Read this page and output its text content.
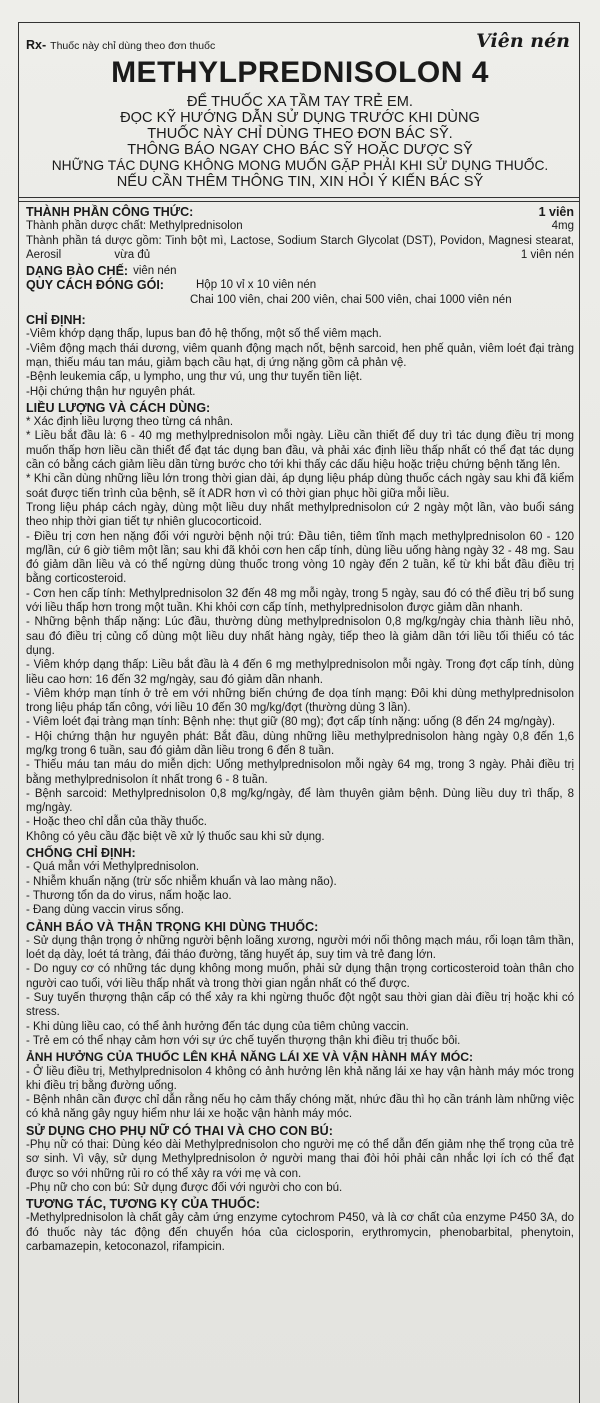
Rx- Thuốc này chỉ dùng theo đơn thuốc	Viên nén
METHYLPREDNISOLON 4
ĐỂ THUỐC XA TẦM TAY TRẺ EM.
ĐỌC KỸ HƯỚNG DẪN SỬ DỤNG TRƯỚC KHI DÙNG
THUỐC NÀY CHỈ DÙNG THEO ĐƠN BÁC SỸ.
THÔNG BÁO NGAY CHO BÁC SỸ HOẶC DƯỢC SỸ
NHỮNG TÁC DỤNG KHÔNG MONG MUỐN GẶP PHẢI KHI SỬ DỤNG THUỐC.
NẾU CẦN THÊM THÔNG TIN, XIN HỎI Ý KIẾN BÁC SỸ
THÀNH PHẦN CÔNG THỨC:	1 viên
Thành phần dược chất: Methylprednisolon	4mg
Thành phần tá dược gồm: Tinh bột mì, Lactose, Sodium Starch Glycolat (DST), Povidon, Magnesi stearat, Aerosil	vừa đủ	1 viên nén
DẠNG BÀO CHẾ: viên nén
QUY CÁCH ĐÓNG GÓI:	Hộp 10 vỉ x 10 viên nén
Chai 100 viên, chai 200 viên, chai 500 viên, chai 1000 viên nén
CHỈ ĐỊNH:

-Viêm khớp dạng thấp, lupus ban đỏ hệ thống, một số thể viêm mạch.

-Viêm động mạch thái dương, viêm quanh động mạch nốt, bệnh sarcoid, hen phế quản, viêm loét đại tràng mạn, thiếu máu tan máu, giảm bạch cầu hạt, dị ứng nặng gồm cả phản vệ.

-Bệnh leukemia cấp, u lympho, ung thư vú, ung thư tuyến tiền liệt.

-Hội chứng thận hư nguyên phát.

LIỀU LƯỢNG VÀ CÁCH DÙNG:

* Xác định liều lượng theo từng cá nhân.

* Liều bắt đầu là: 6 - 40 mg methylprednisolon mỗi ngày. Liều cần thiết để duy trì tác dụng điều trị mong muốn thấp hơn liều cần thiết để đạt tác dụng ban đầu, và phải xác định liều thấp nhất có thể đạt tác dụng cần có bằng cách giảm liều dần từng bước cho tới khi thấy các dấu hiệu hoặc triệu chứng bệnh tăng lên.

* Khi cần dùng những liều lớn trong thời gian dài, áp dụng liệu pháp dùng thuốc cách ngày sau khi đã kiểm soát được tiến trình của bệnh, sẽ ít ADR hơn vì có thời gian phục hồi giữa mỗi liều.

Trong liệu pháp cách ngày, dùng một liều duy nhất methylprednisolon cứ 2 ngày một lần, vào buổi sáng theo nhịp thời gian tiết tự nhiên glucocorticoid.

- Điều trị cơn hen nặng đối với người bệnh nội trú: Đầu tiên, tiêm tĩnh mạch methylprednisolon 60 - 120 mg/lần, cứ 6 giờ tiêm một lần; sau khi đã khỏi cơn hen cấp tính, dùng liều uống hàng ngày 32 - 48 mg. Sau đó giảm dần liều và có thể ngừng dùng thuốc trong vòng 10 ngày đến 2 tuần, kể từ khi bắt đầu điều trị bằng corticosteroid.

- Cơn hen cấp tính: Methylprednisolon 32 đến 48 mg mỗi ngày, trong 5 ngày, sau đó có thể điều trị bổ sung với liều thấp hơn trong một tuần. Khi khỏi cơn cấp tính, methylprednisolon được giảm dần nhanh.

- Những bệnh thấp nặng: Lúc đầu, thường dùng methylprednisolon 0,8 mg/kg/ngày chia thành liều nhỏ, sau đó điều trị củng cố dùng một liều duy nhất hàng ngày, tiếp theo là giảm dần tới liều tối thiểu có tác dụng.

- Viêm khớp dạng thấp: Liều bắt đầu là 4 đến 6 mg methylprednisolon mỗi ngày. Trong đợt cấp tính, dùng liều cao hơn: 16 đến 32 mg/ngày, sau đó giảm dần nhanh.

- Viêm khớp mạn tính ở trẻ em với những biến chứng đe dọa tính mạng: Đôi khi dùng methylprednisolon trong liệu pháp tấn công, với liều 10 đến 30 mg/kg/đợt (thường dùng 3 lần).

- Viêm loét đại tràng mạn tính: Bệnh nhẹ: thụt giữ (80 mg); đợt cấp tính nặng: uống (8 đến 24 mg/ngày).

- Hội chứng thận hư nguyên phát: Bắt đầu, dùng những liều methylprednisolon hàng ngày 0,8 đến 1,6 mg/kg trong 6 tuần, sau đó giảm dần liều trong 6 đến 8 tuần.

- Thiếu máu tan máu do miễn dịch: Uống methylprednisolon mỗi ngày 64 mg, trong 3 ngày. Phải điều trị bằng methylprednisolon ít nhất trong 6 - 8 tuần.

- Bệnh sarcoid: Methylprednisolon 0,8 mg/kg/ngày, để làm thuyên giảm bệnh. Dùng liều duy trì thấp, 8 mg/ngày.

- Hoặc theo chỉ dẫn của thầy thuốc.

Không có yêu cầu đặc biệt về xử lý thuốc sau khi sử dụng.

CHỐNG CHỈ ĐỊNH:

- Quá mẫn với Methylprednisolon.

- Nhiễm khuẩn nặng (trừ sốc nhiễm khuẩn và lao màng não).

- Thương tổn da do virus, nấm hoặc lao.

- Đang dùng vaccin virus sống.

CẢNH BÁO VÀ THẬN TRỌNG KHI DÙNG THUỐC:

- Sử dụng thận trọng ở những người bệnh loãng xương, người mới nối thông mạch máu, rối loạn tâm thần, loét dạ dày, loét tá tràng, đái tháo đường, tăng huyết áp, suy tim và trẻ đang lớn.

- Do nguy cơ có những tác dụng không mong muốn, phải sử dụng thận trọng corticosteroid toàn thân cho người cao tuổi, với liều thấp nhất và trong thời gian ngắn nhất có thể được.

- Suy tuyến thượng thận cấp có thể xảy ra khi ngừng thuốc đột ngột sau thời gian dài điều trị hoặc khi có stress.

- Khi dùng liều cao, có thể ảnh hưởng đến tác dụng của tiêm chủng vaccin.

- Trẻ em có thể nhạy cảm hơn với sự ức chế tuyến thượng thận khi điều trị thuốc bôi.

ẢNH HƯỞNG CỦA THUỐC LÊN KHẢ NĂNG LÁI XE VÀ VẬN HÀNH MÁY MÓC:

- Ở liều điều trị, Methylprednisolon 4 không có ảnh hưởng lên khả năng lái xe hay vận hành máy móc trong khi điều trị bằng đường uống.

- Bệnh nhân cần được chỉ dẫn rằng nếu họ cảm thấy chóng mặt, nhức đầu thì họ cần tránh làm những việc có khả năng gây nguy hiểm như lái xe hoặc vận hành máy móc.

SỬ DỤNG CHO PHỤ NỮ CÓ THAI VÀ CHO CON BÚ:

-Phụ nữ có thai: Dùng kéo dài Methylprednisolon cho người mẹ có thể dẫn đến giảm nhẹ thể trọng của trẻ sơ sinh. Vì vậy, sử dụng Methylprednisolon ở người mang thai đòi hỏi phải cân nhắc lợi ích có thể đạt được so với những rủi ro có thể xảy ra với mẹ và con.

-Phụ nữ cho con bú: Sử dụng được đối với người cho con bú.

TƯƠNG TÁC, TƯƠNG KỴ CỦA THUỐC:

-Methylprednisolon là chất gây cảm ứng enzyme cytochrom P450, và là cơ chất của enzyme P450 3A, do đó thuốc này tác động đến chuyển hóa của ciclosporin, erythromycin, phenobarbital, phenytoin, carbamazepin, ketoconazol, rifampicin.
